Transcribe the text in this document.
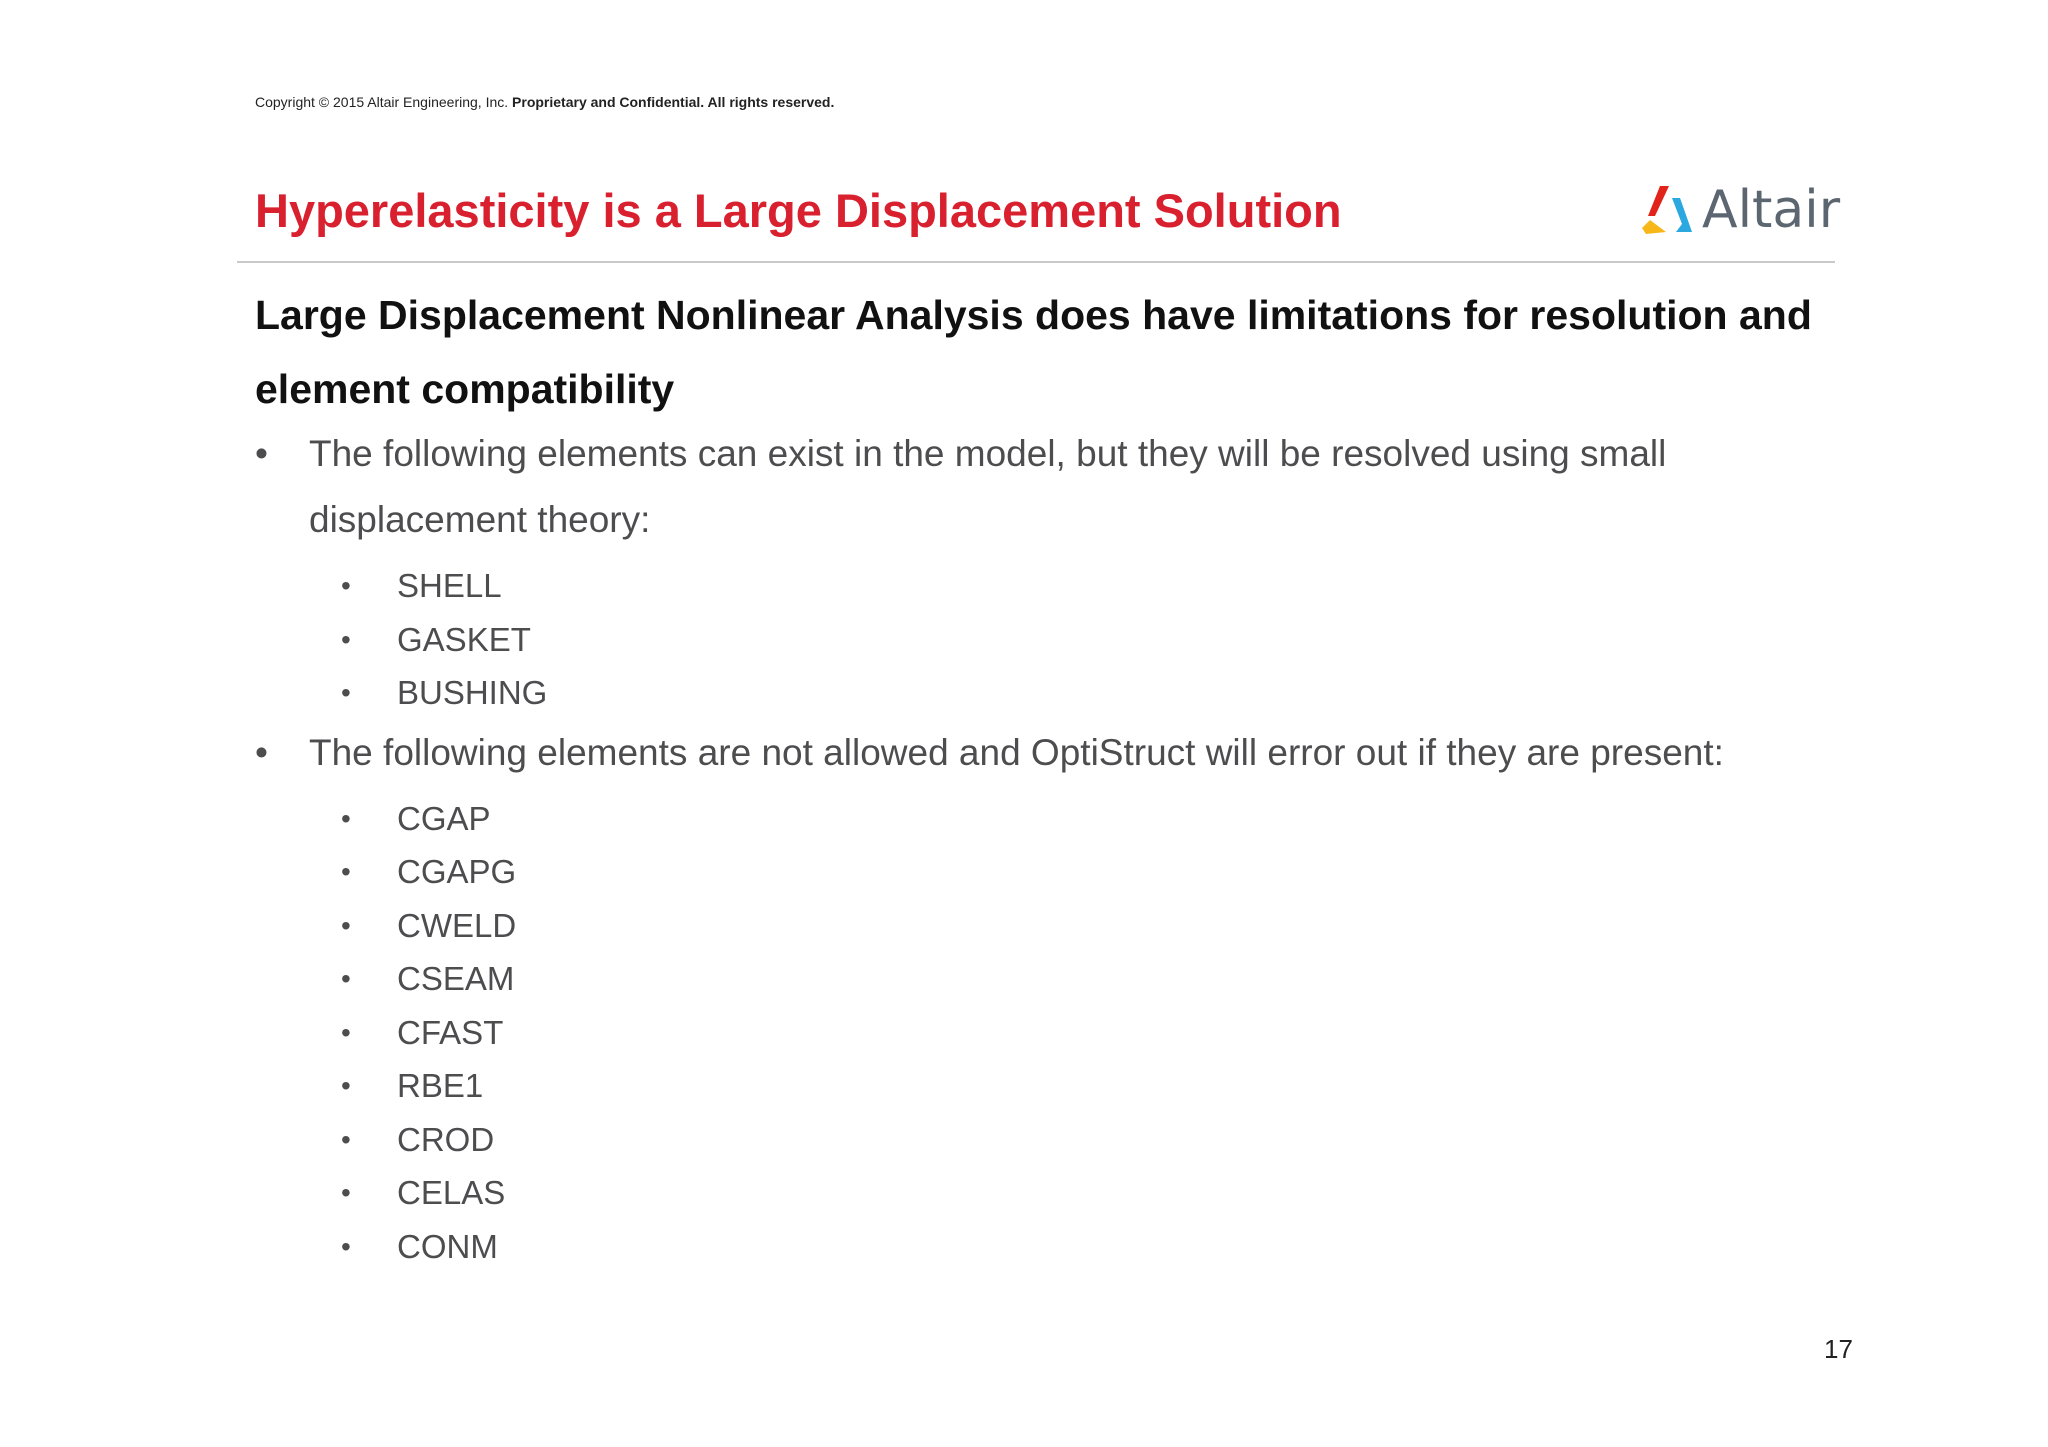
Copyright © 2015 Altair Engineering, Inc. Proprietary and Confidential. All rights reserved.
Hyperelasticity is a Large Displacement Solution	Altair
Large Displacement Nonlinear Analysis does have limitations for resolution and element compatibility
• The following elements can exist in the model, but they will be resolved using small displacement theory:
• SHELL
• GASKET
• BUSHING
• The following elements are not allowed and OptiStruct will error out if they are present:
• CGAP
• CGAPG
• CWELD
• CSEAM
• CFAST
• RBE1
• CROD
• CELAS
• CONM
17
